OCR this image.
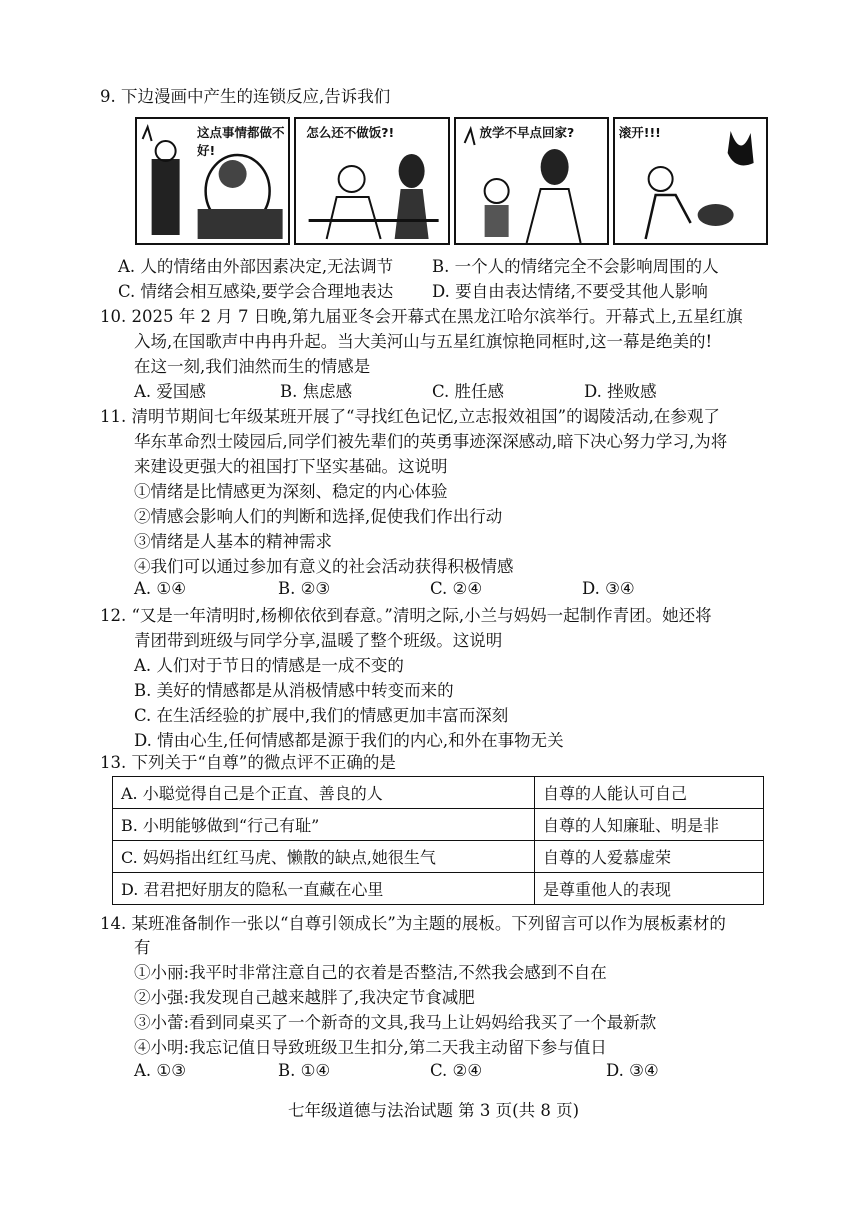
9. 下边漫画中产生的连锁反应,告诉我们
这点事情都做不好!
怎么还不做饭?!	放学不早点回家?	滚开!!!
A. 人的情绪由外部因素决定,无法调节 B. 一个人的情绪完全不会影响周围的人
C. 情绪会相互感染,要学会合理地表达 D. 要自由表达情绪,不要受其他人影响
10. 2025 年 2 月 7 日晚,第九届亚冬会开幕式在黑龙江哈尔滨举行。开幕式上,五星红旗
入场,在国歌声中冉冉升起。当大美河山与五星红旗惊艳同框时,这一幕是绝美的!
在这一刻,我们油然而生的情感是
A. 爱国感	B. 焦虑感	C. 胜任感	D. 挫败感
11. 清明节期间七年级某班开展了“寻找红色记忆,立志报效祖国”的谒陵活动,在参观了
华东革命烈士陵园后,同学们被先辈们的英勇事迹深深感动,暗下决心努力学习,为将
来建设更强大的祖国打下坚实基础。这说明
①情绪是比情感更为深刻、稳定的内心体验
②情感会影响人们的判断和选择,促使我们作出行动
③情绪是人基本的精神需求
④我们可以通过参加有意义的社会活动获得积极情感
A. ①④	B. ②③	C. ②④	D. ③④
12. “又是一年清明时,杨柳依依到春意。”清明之际,小兰与妈妈一起制作青团。她还将
青团带到班级与同学分享,温暖了整个班级。这说明
A. 人们对于节日的情感是一成不变的
B. 美好的情感都是从消极情感中转变而来的
C. 在生活经验的扩展中,我们的情感更加丰富而深刻
D. 情由心生,任何情感都是源于我们的内心,和外在事物无关
13. 下列关于“自尊”的微点评不正确的是
A. 小聪觉得自己是个正直、善良的人	自尊的人能认可自己
B. 小明能够做到“行己有耻”	自尊的人知廉耻、明是非
C. 妈妈指出红红马虎、懒散的缺点,她很生气	自尊的人爱慕虚荣
D. 君君把好朋友的隐私一直藏在心里	是尊重他人的表现
14. 某班准备制作一张以“自尊引领成长”为主题的展板。下列留言可以作为展板素材的
有
①小丽:我平时非常注意自己的衣着是否整洁,不然我会感到不自在
②小强:我发现自己越来越胖了,我决定节食减肥
③小蕾:看到同桌买了一个新奇的文具,我马上让妈妈给我买了一个最新款
④小明:我忘记值日导致班级卫生扣分,第二天我主动留下参与值日
A. ①③	B. ①④	C. ②④	D. ③④
七年级道德与法治试题 第 3 页(共 8 页)
